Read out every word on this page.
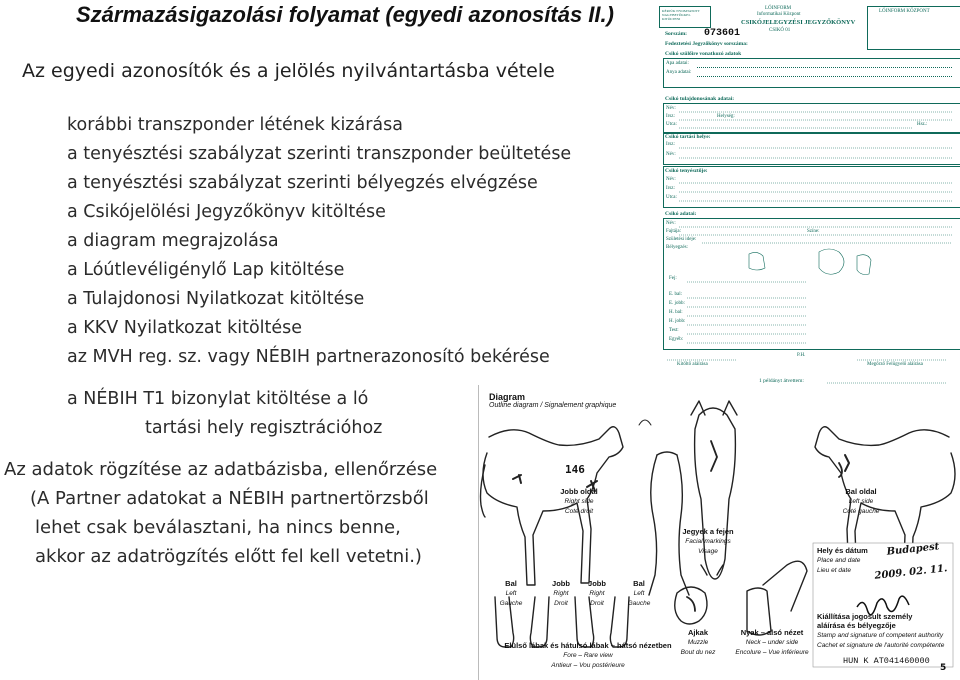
Származásigazolási folyamat (egyedi azonosítás II.)
Az egyedi azonosítók és a jelölés nyilvántartásba vétele
korábbi transzponder létének kizárása
a tenyésztési szabályzat szerinti transzponder beültetése
a tenyésztési szabályzat szerinti bélyegzés elvégzése
a Csikójelölési Jegyzőkönyv kitöltése
a diagram megrajzolása
a Lóútlevéligénylő Lap kitöltése
a Tulajdonosi Nyilatkozat kitöltése
a KKV Nyilatkozat kitöltése
az MVH reg. sz. vagy NÉBIH partnerazonosító bekérése
a NÉBIH T1 bizonylat kitöltése a ló
tartási hely regisztrációhoz
Az adatok rögzítése az adatbázisba, ellenőrzése
(A Partner adatokat a NÉBIH partnertörzsből
lehet csak beválasztani, ha nincs benne,
akkor az adatrögzítés előtt fel kell vetetni.)
KÉRJÜK NYOMTATOTT NAGYBETŰKKEL KITÖLTENI
LÓINFORM
Informatikai Központ
CSIKÓJELEGYZÉSI JEGYZŐKÖNYV
CSIKÓ 01
LÓINFORM KÖZPONT
Sorszám: 073601
Fedeztetési Jegyzőkönyv sorszáma:
Csikó szülőire vonatkozó adatok
Apa adatai:
Anya adatai:
Csikó tulajdonosának adatai:
Név:
Irsz:	Helység:
Utca:	Hsz.:
Csikó tartási helye:
Irsz:
Név:
Csikó tenyésztője:
Név:
Irsz:
Utca:
Csikó adatai:
Név:
Fajtája:	Színe:
Születési ideje:
Bélyegzés:
Fej:
E. bal:
E. jobb:
H. bal:
H. jobb:
Test:
Egyéb:
P.H.
Kitöltő aláírása	Megőrző Felügyelő aláírása
1 példányt átvettem:
Diagram
Outline diagram / Signalement graphique
146
Jobb oldal
Right side
Coté droit
Bal oldal
Left side
Coté gauche
Jegyek a fejen
Facial markings
Visage	Hely és dátum
Place and date
Lieu et date
Budapest
2009. 02. 11.
Bal
Left
Gauche
Jobb
Right
Droit
Jobb
Right
Droit
Bal
Left
Gauche
Elülső lábak és hátulsó lábak – hátsó nézetben
Fore – Rare view
Antieur – Vou postérieure
Ajkak
Muzzle
Bout du nez
Nyak – alsó nézet
Neck – under side
Encolure – Vue inférieure
Kiállítása jogosult személy
aláírása és bélyegzője
Stamp and signature of competent authority
Cachet et signature de l'autorité compétente
HUN K AT041460000
5
